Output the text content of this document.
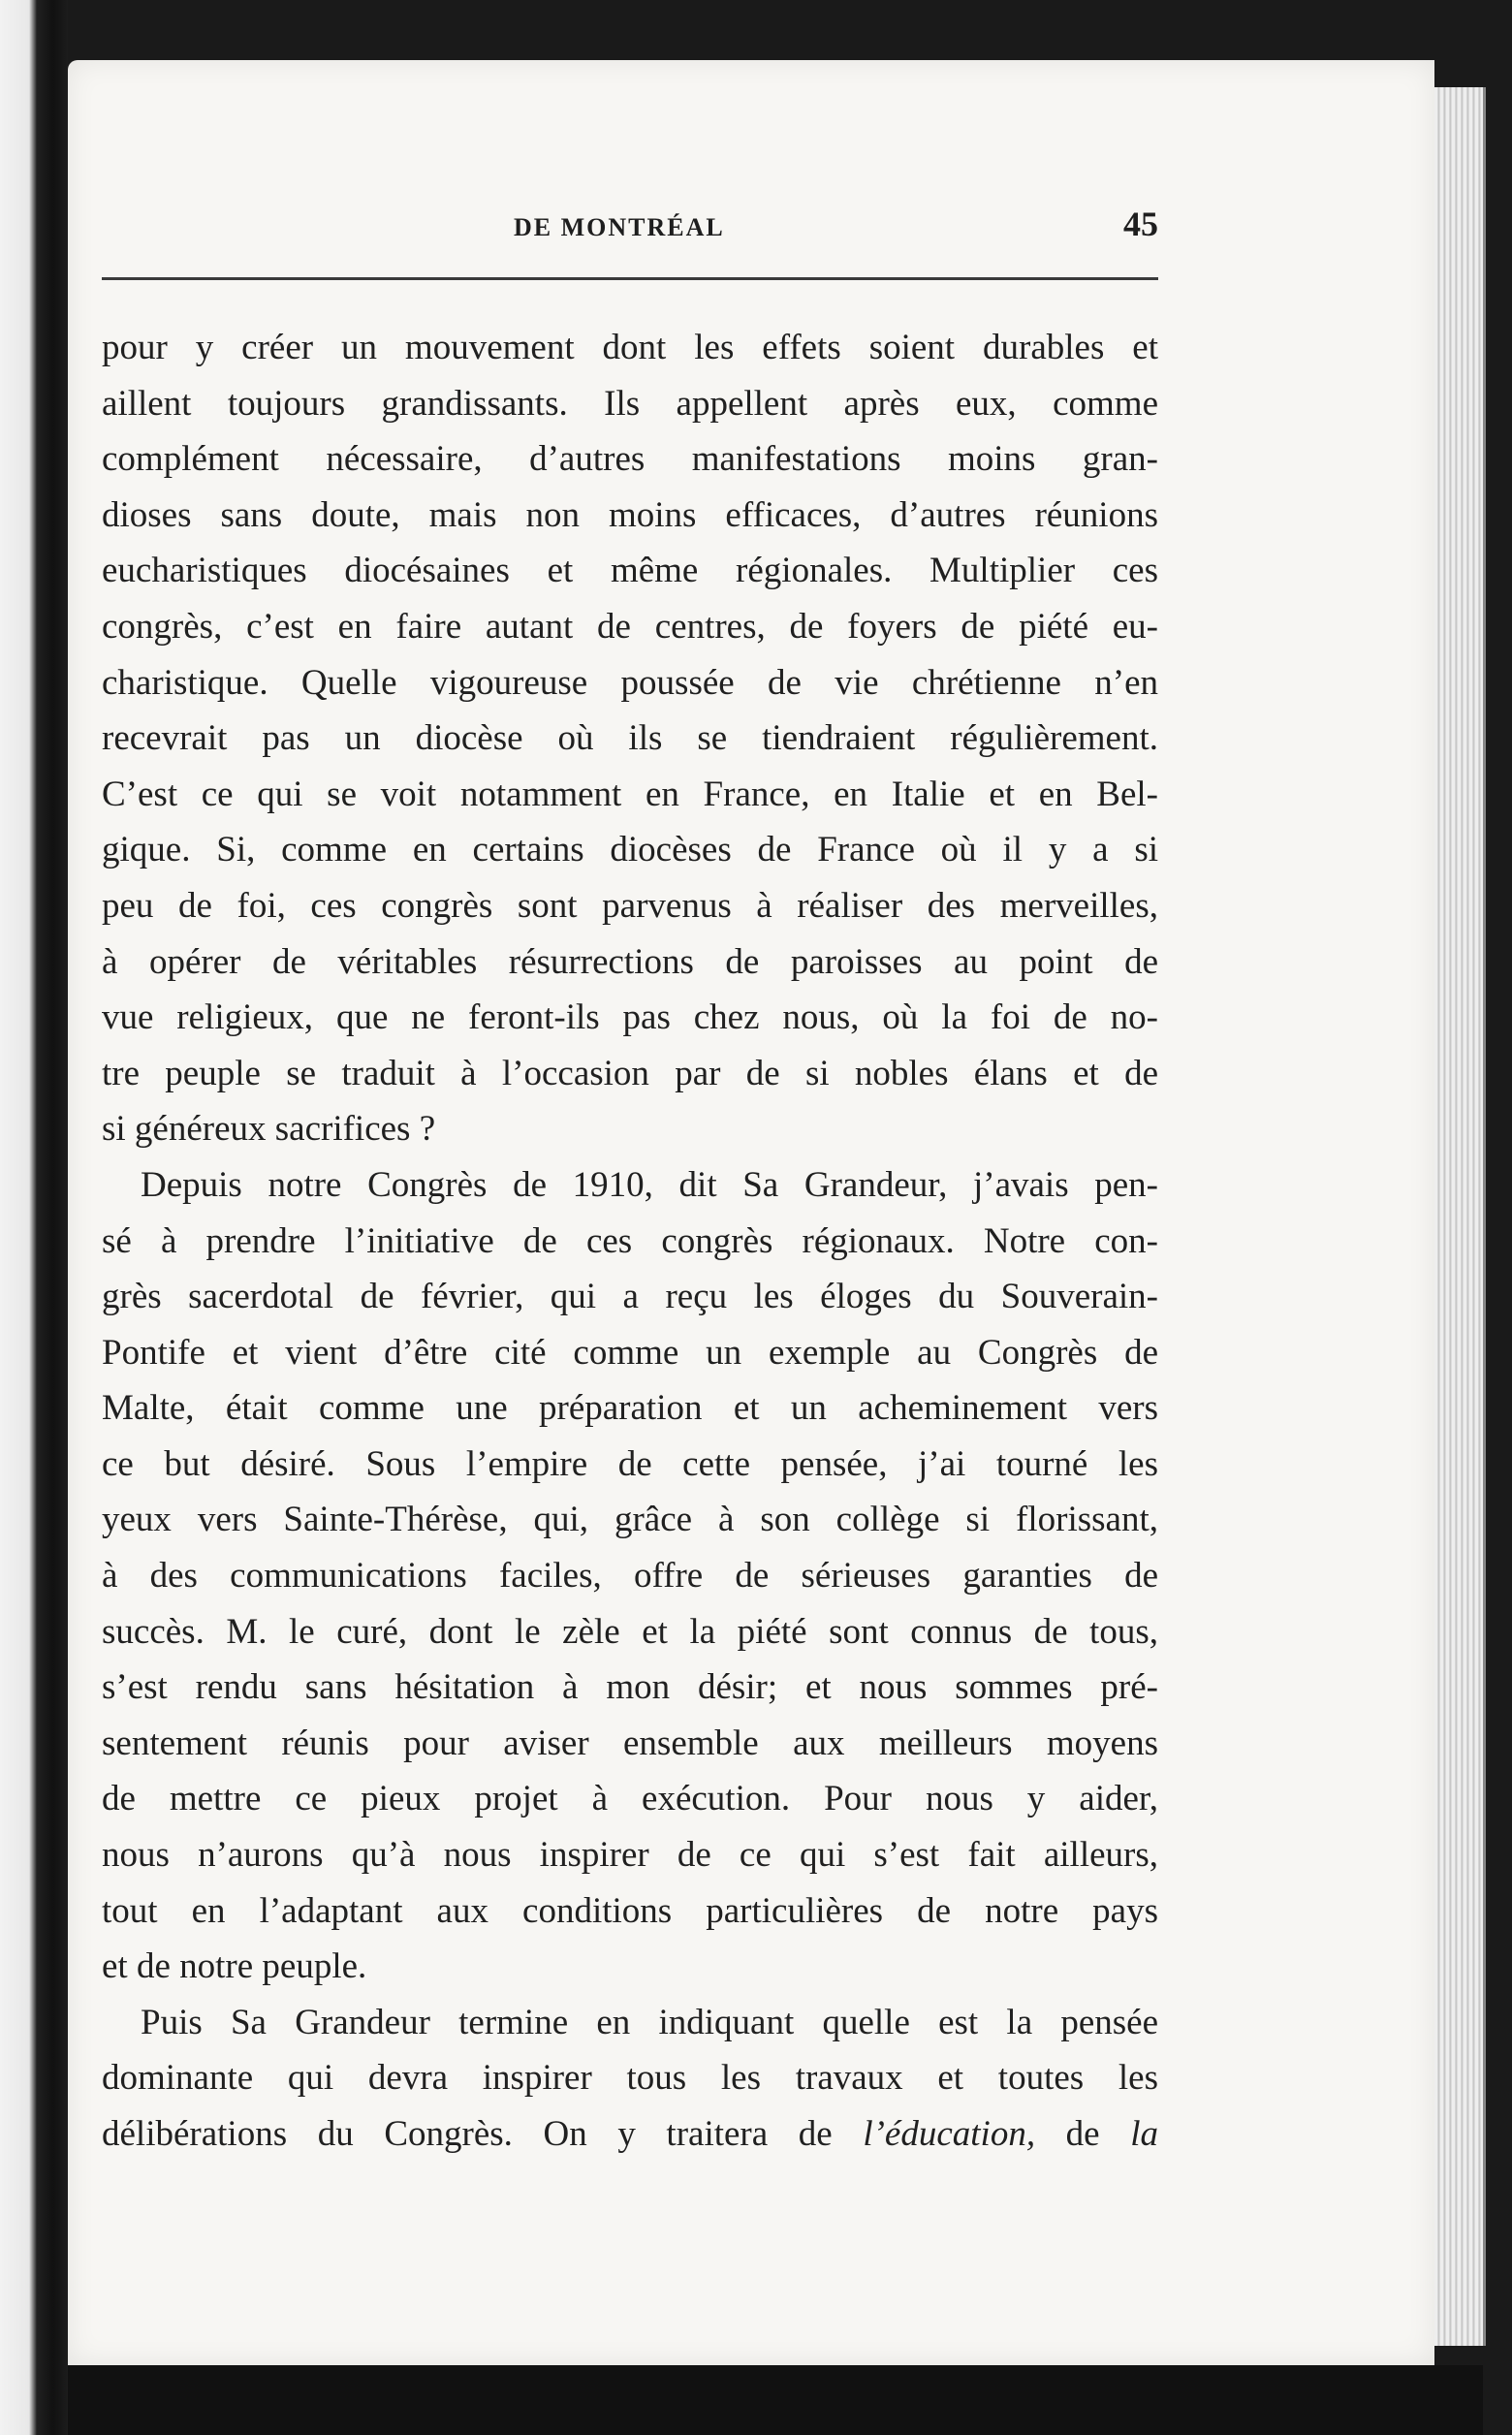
DE MONTRÉAL	45
pour y créer un mouvement dont les effets soient durables et
aillent toujours grandissants. Ils appellent après eux, comme
complément nécessaire, d’autres manifestations moins gran-
dioses sans doute, mais non moins efficaces, d’autres réunions
eucharistiques diocésaines et même régionales. Multiplier ces
congrès, c’est en faire autant de centres, de foyers de piété eu-
charistique. Quelle vigoureuse poussée de vie chrétienne n’en
recevrait pas un diocèse où ils se tiendraient régulièrement.
C’est ce qui se voit notamment en France, en Italie et en Bel-
gique. Si, comme en certains diocèses de France où il y a si
peu de foi, ces congrès sont parvenus à réaliser des merveilles,
à opérer de véritables résurrections de paroisses au point de
vue religieux, que ne feront-ils pas chez nous, où la foi de no-
tre peuple se traduit à l’occasion par de si nobles élans et de
si généreux sacrifices ?
Depuis notre Congrès de 1910, dit Sa Grandeur, j’avais pen-
sé à prendre l’initiative de ces congrès régionaux. Notre con-
grès sacerdotal de février, qui a reçu les éloges du Souverain-
Pontife et vient d’être cité comme un exemple au Congrès de
Malte, était comme une préparation et un acheminement vers
ce but désiré. Sous l’empire de cette pensée, j’ai tourné les
yeux vers Sainte-Thérèse, qui, grâce à son collège si florissant,
à des communications faciles, offre de sérieuses garanties de
succès. M. le curé, dont le zèle et la piété sont connus de tous,
s’est rendu sans hésitation à mon désir; et nous sommes pré-
sentement réunis pour aviser ensemble aux meilleurs moyens
de mettre ce pieux projet à exécution. Pour nous y aider,
nous n’aurons qu’à nous inspirer de ce qui s’est fait ailleurs,
tout en l’adaptant aux conditions particulières de notre pays
et de notre peuple.
Puis Sa Grandeur termine en indiquant quelle est la pensée
dominante qui devra inspirer tous les travaux et toutes les
délibérations du Congrès. On y traitera de l’éducation, de la
